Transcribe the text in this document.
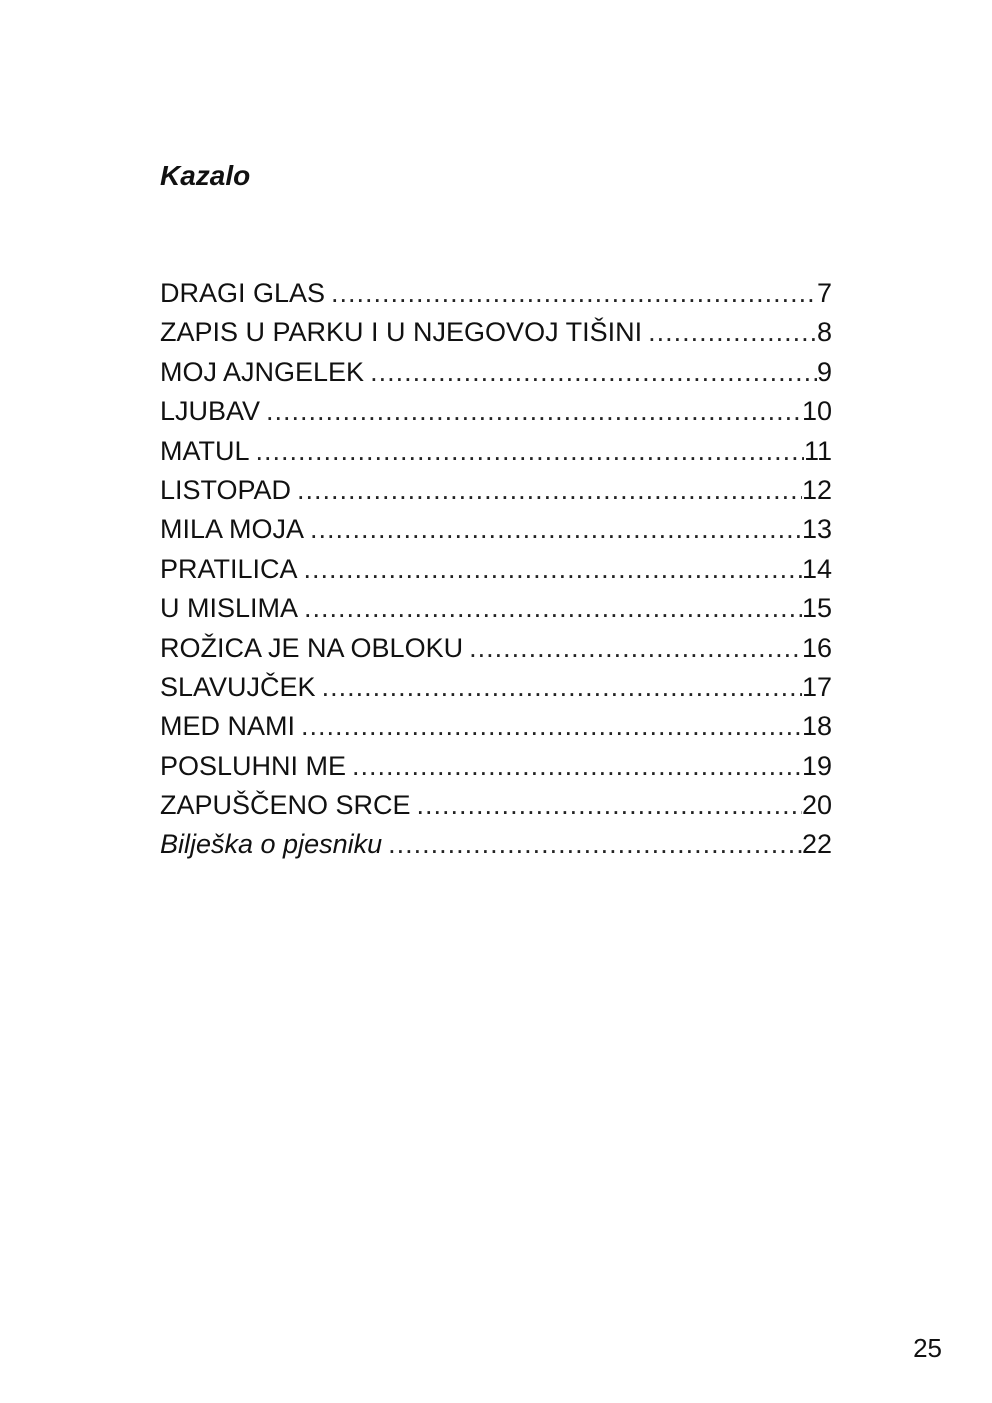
Kazalo
DRAGI GLAS .....	7
ZAPIS U PARKU I U NJEGOVOJ TIŠINI .....	8
MOJ AJNGELEK .....	9
LJUBAV .....	10
MATUL .....	11
LISTOPAD .....	12
MILA MOJA .....	13
PRATILICA .....	14
U MISLIMA .....	15
ROŽICA JE NA OBLOKU .....	16
SLAVUJČEK .....	17
MED NAMI .....	18
POSLUHNI ME .....	19
ZAPUŠČENO SRCE .....	20
Bilješka o pjesniku .....	22
25
